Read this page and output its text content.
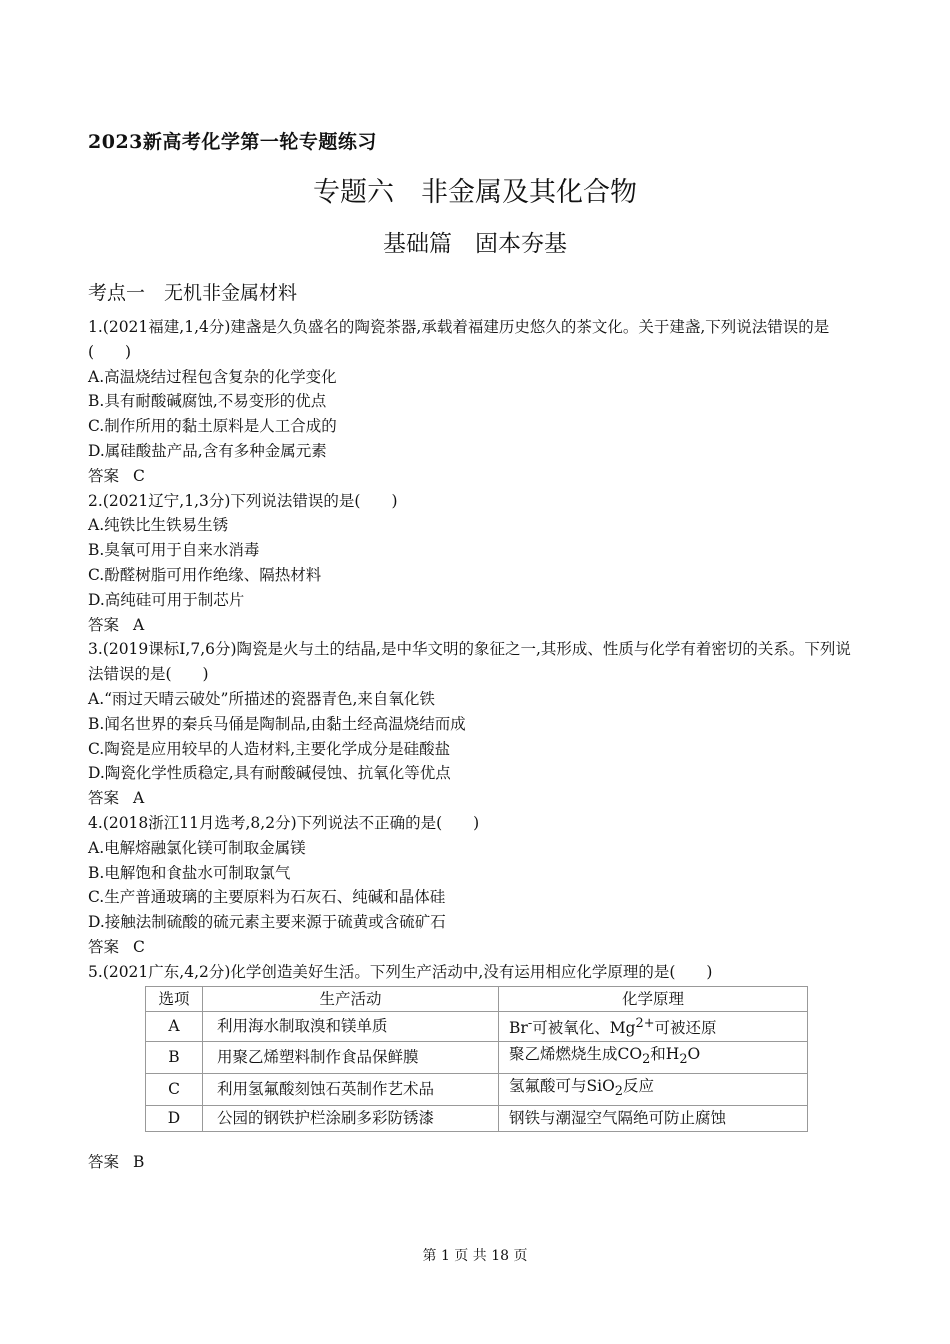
2023新高考化学第一轮专题练习
专题六　非金属及其化合物
基础篇　固本夯基
考点一　无机非金属材料
1.(2021福建,1,4分)建盏是久负盛名的陶瓷茶器,承载着福建历史悠久的茶文化。关于建盏,下列说法错误的是(　　)
A.高温烧结过程包含复杂的化学变化
B.具有耐酸碱腐蚀,不易变形的优点
C.制作所用的黏土原料是人工合成的
D.属硅酸盐产品,含有多种金属元素
答案 C
2.(2021辽宁,1,3分)下列说法错误的是(　　)
A.纯铁比生铁易生锈
B.臭氧可用于自来水消毒
C.酚醛树脂可用作绝缘、隔热材料
D.高纯硅可用于制芯片
答案 A
3.(2019课标Ⅰ,7,6分)陶瓷是火与土的结晶,是中华文明的象征之一,其形成、性质与化学有着密切的关系。下列说法错误的是(　　)
A.“雨过天晴云破处”所描述的瓷器青色,来自氧化铁
B.闻名世界的秦兵马俑是陶制品,由黏土经高温烧结而成
C.陶瓷是应用较早的人造材料,主要化学成分是硅酸盐
D.陶瓷化学性质稳定,具有耐酸碱侵蚀、抗氧化等优点
答案 A
4.(2018浙江11月选考,8,2分)下列说法不正确的是(　　)
A.电解熔融氯化镁可制取金属镁
B.电解饱和食盐水可制取氯气
C.生产普通玻璃的主要原料为石灰石、纯碱和晶体硅
D.接触法制硫酸的硫元素主要来源于硫黄或含硫矿石
答案 C
5.(2021广东,4,2分)化学创造美好生活。下列生产活动中,没有运用相应化学原理的是(　　)
选项	生产活动	化学原理
A	利用海水制取溴和镁单质	Br-可被氧化、$Mg^{2+}$可被还原
B	用聚乙烯塑料制作食品保鲜膜	聚乙烯燃烧生成$CO_2$和$H_2O$
C	利用氢氟酸刻蚀石英制作艺术品	氢氟酸可与SiO$_2$反应
D	公园的钢铁护栏涂刷多彩防锈漆	钢铁与潮湿空气隔绝可防止腐蚀
答案 B
第 1 页 共 18 页
